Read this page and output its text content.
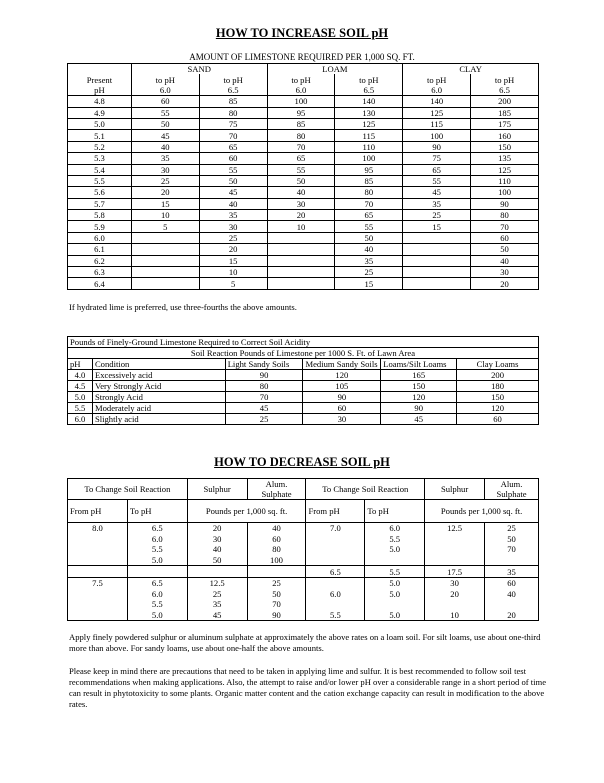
HOW TO INCREASE SOIL pH
AMOUNT OF LIMESTONE REQUIRED PER 1,000 SQ. FT.
	SAND		LOAM		CLAY	
Present	to pH	to pH	to pH	to pH	to pH	to pH
pH	6.0	6.5	6.0	6.5	6.0	6.5
4.8	60	85	100	140	140	200
4.9	55	80	95	130	125	185
5.0	50	75	85	125	115	175
5.1	45	70	80	115	100	160
5.2	40	65	70	110	90	150
5.3	35	60	65	100	75	135
5.4	30	55	55	95	65	125
5.5	25	50	50	85	55	110
5.6	20	45	40	80	45	100
5.7	15	40	30	70	35	90
5.8	10	35	20	65	25	80
5.9	5	30	10	55	15	70
6.0		25		50		60
6.1		20		40		50
6.2		15		35		40
6.3		10		25		30
6.4		5		15		20
If hydrated lime is preferred, use three-fourths the above amounts.
Pounds of Finely-Ground Limestone Required to Correct Soil Acidity					
Soil Reaction Pounds of Limestone per 1000 S. Ft. of Lawn Area					
pH	Condition	Light Sandy Soils	Medium Sandy Soils	Loams/Silt Loams	Clay Loams
4.0	Excessively acid	90	120	165	200
4.5	Very Strongly Acid	80	105	150	180
5.0	Strongly Acid	70	90	120	150
5.5	Moderately acid	45	60	90	120
6.0	Slightly acid	25	30	45	60
HOW TO DECREASE SOIL pH
To Change Soil Reaction		Sulphur	Alum. Sulphate	To Change Soil Reaction		Sulphur	Alum. Sulphate
From pH	To pH	Pounds per 1,000 sq. ft.		From pH	To pH	Pounds per 1,000 sq. ft.	
8.0	6.5	20	40	7.0	6.0	12.5	25
	6.0	30	60		5.5		50
	5.5	40	80		5.0		70
	5.0	50	100				
				6.5	5.5	17.5	35
7.5	6.5	12.5	25		5.0	30	60
	6.0	25	50	6.0	5.0	20	40
	5.5	35	70				
	5.0	45	90	5.5	5.0	10	20
Apply finely powdered sulphur or aluminum sulphate at approximately the above rates on a loam soil. For silt loams, use about one-third more than above. For sandy loams, use about one-half the above amounts.
Please keep in mind there are precautions that need to be taken in applying lime and sulfur. It is best recommended to follow soil test recommendations when making applications. Also, the attempt to raise and/or lower pH over a considerable range in a short period of time can result in phytotoxicity to some plants. Organic matter content and the cation exchange capacity can result in modification to the above rates.
